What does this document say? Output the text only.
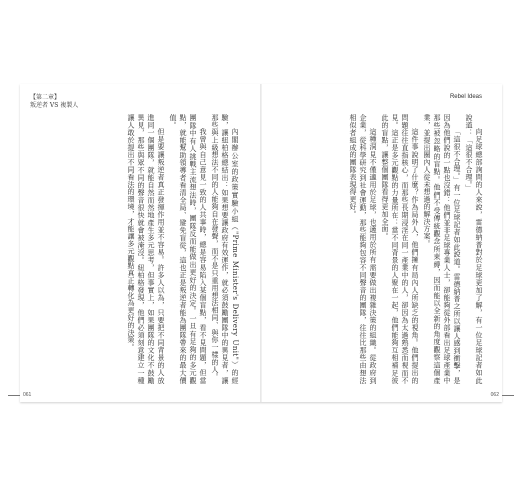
【第二章】
叛逆者 VS 複製人

內閣辦公室的政策實驗小組（"Prime Minister's Delivery Unit"）的經驗，讓紐柏格總結出：如果想要讓政府有效運作，就必須鼓勵團隊中的異見者，讓那些與上級想法不同的人能夠自在發聲，而不是只重用想法相同、與你一樣的人。

我曾與自己意見一致的人共事時，總是容易陷入某個盲點，看不見問題，但當團隊中有人挑戰主流想法時，團隊反而能做出更好的決定。一旦有足夠的多元觀點，就能幫助領導者看清全局、避免盲從，這也正是叛逆者能為團隊帶來的最大價值。

但是要讓叛逆者真正發揮作用並不容易。許多人以為，只要把不同背景的人放進同一個團隊，就能自然而然地產生多元思考，但事實上，如果團隊的文化不鼓勵異見，那些與眾不同的聲音很快就會被淹沒。紐柏格發現，他們必須刻意建立一種讓人敢於提出不同看法的環境，才能讓多元觀點真正轉化為更好的決策。

061
Rebel Ideas

向足球總部詢問的人來說，雷德納普對於足球更加了解，有一位足球記者如此說道：「這很不合理。」

「這很不合理。」有一位足球記者如此說道。雷德納普之所以讓人感到衝擊，是因為他們說的一點也沒錯：他們並非足球專業人士，卻能夠從外部看出足球產業中那些被忽略的盲點。他們不受傳統觀念所束縛，因而能以全新的角度觀察這個產業，並提出圈內人從未想過的解決方案。

這件事說明了什麼？作為局外人，他們擁有局內人所缺乏的視角。他們提出的問題往往直指核心，而那些長期浸淫在同一產業中的人，卻因為太過熟悉而視而不見。這正是多元觀點的力量所在：當不同背景的人聚在一起，他們能夠互相補足彼此的盲點，讓整個團隊看得更加全面。

這種洞見不僅適用於足球，也適用於所有需要做出複雜決策的組織。從政府到企業，從科學研究到社會運動，那些能夠包容不同聲音的團隊，往往比那些由想法相似者組成的團隊表現得更好。

062
